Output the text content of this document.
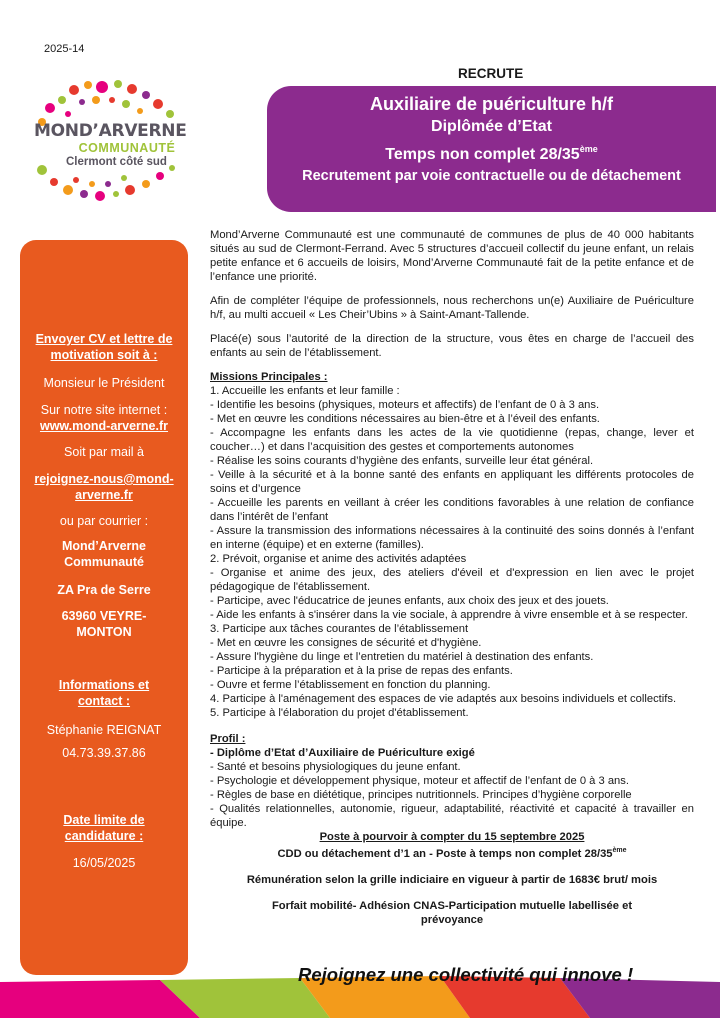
2025-14
MOND’ARVERNE
COMMUNAUTÉ
Clermont côté sud
RECRUTE
Auxiliaire de puériculture h/f
Diplômée d’Etat
Temps non complet 28/35ème
Recrutement par voie contractuelle ou de détachement
Envoyer CV et lettre de motivation soit à :
Monsieur le Président
Sur notre site internet :
www.mond-arverne.fr
Soit par mail à
rejoignez-nous@mond-arverne.fr
ou par courrier :
Mond’Arverne Communauté
ZA Pra de Serre
63960 VEYRE-MONTON
Informations et contact :
Stéphanie REIGNAT
04.73.39.37.86
Date limite de candidature :
16/05/2025

Mond’Arverne Communauté est une communauté de communes de plus de 40 000 habitants situés au sud de Clermont-Ferrand. Avec 5 structures d’accueil collectif du jeune enfant, un relais petite enfance et 6 accueils de loisirs, Mond’Arverne Communauté fait de la petite enfance et de l’enfance une priorité.

Afin de compléter l’équipe de professionnels, nous recherchons un(e) Auxiliaire de Puériculture h/f, au multi accueil « Les Cheir’Ubins » à Saint-Amant-Tallende.

Placé(e) sous l’autorité de la direction de la structure, vous êtes en charge de l’accueil des enfants au sein de l’établissement.

Missions Principales :
1. Accueille les enfants et leur famille :
- Identifie les besoins (physiques, moteurs et affectifs) de l’enfant de 0 à 3 ans.
- Met en œuvre les conditions nécessaires au bien-être et à l’éveil des enfants.
- Accompagne les enfants dans les actes de la vie quotidienne (repas, change, lever et coucher…) et dans l’acquisition des gestes et comportements autonomes
- Réalise les soins courants d’hygiène des enfants, surveille leur état général.
- Veille à la sécurité et à la bonne santé des enfants en appliquant les différents protocoles de soins et d’urgence
- Accueille les parents en veillant à créer les conditions favorables à une relation de confiance dans l’intérêt de l’enfant
- Assure la transmission des informations nécessaires à la continuité des soins donnés à l’enfant en interne (équipe) et en externe (familles).
2. Prévoit, organise et anime des activités adaptées
- Organise et anime des jeux, des ateliers d'éveil et d'expression en lien avec le projet pédagogique de l'établissement.
- Participe, avec l'éducatrice de jeunes enfants, aux choix des jeux et des jouets.
- Aide les enfants à s'insérer dans la vie sociale, à apprendre à vivre ensemble et à se respecter.
3. Participe aux tâches courantes de l’établissement
- Met en œuvre les consignes de sécurité et d'hygiène.
- Assure l'hygiène du linge et l’entretien du matériel à destination des enfants.
- Participe à la préparation et à la prise de repas des enfants.
- Ouvre et ferme l’établissement en fonction du planning.
4. Participe à l'aménagement des espaces de vie adaptés aux besoins individuels et collectifs.
5. Participe à l'élaboration du projet d'établissement.
Profil :
- Diplôme d’Etat d’Auxiliaire de Puériculture exigé
- Santé et besoins physiologiques du jeune enfant.
- Psychologie et développement physique, moteur et affectif de l’enfant de 0 à 3 ans.
- Règles de base en diététique, principes nutritionnels. Principes d’hygiène corporelle
- Qualités relationnelles, autonomie, rigueur, adaptabilité, réactivité et capacité à travailler en équipe.
Poste à pourvoir à compter du 15 septembre 2025
CDD ou détachement d’1 an - Poste à temps non complet 28/35ème
Rémunération selon la grille indiciaire en vigueur à partir de 1683€ brut/ mois
Forfait mobilité- Adhésion CNAS-Participation mutuelle labellisée et prévoyance
Rejoignez une collectivité qui innove !
